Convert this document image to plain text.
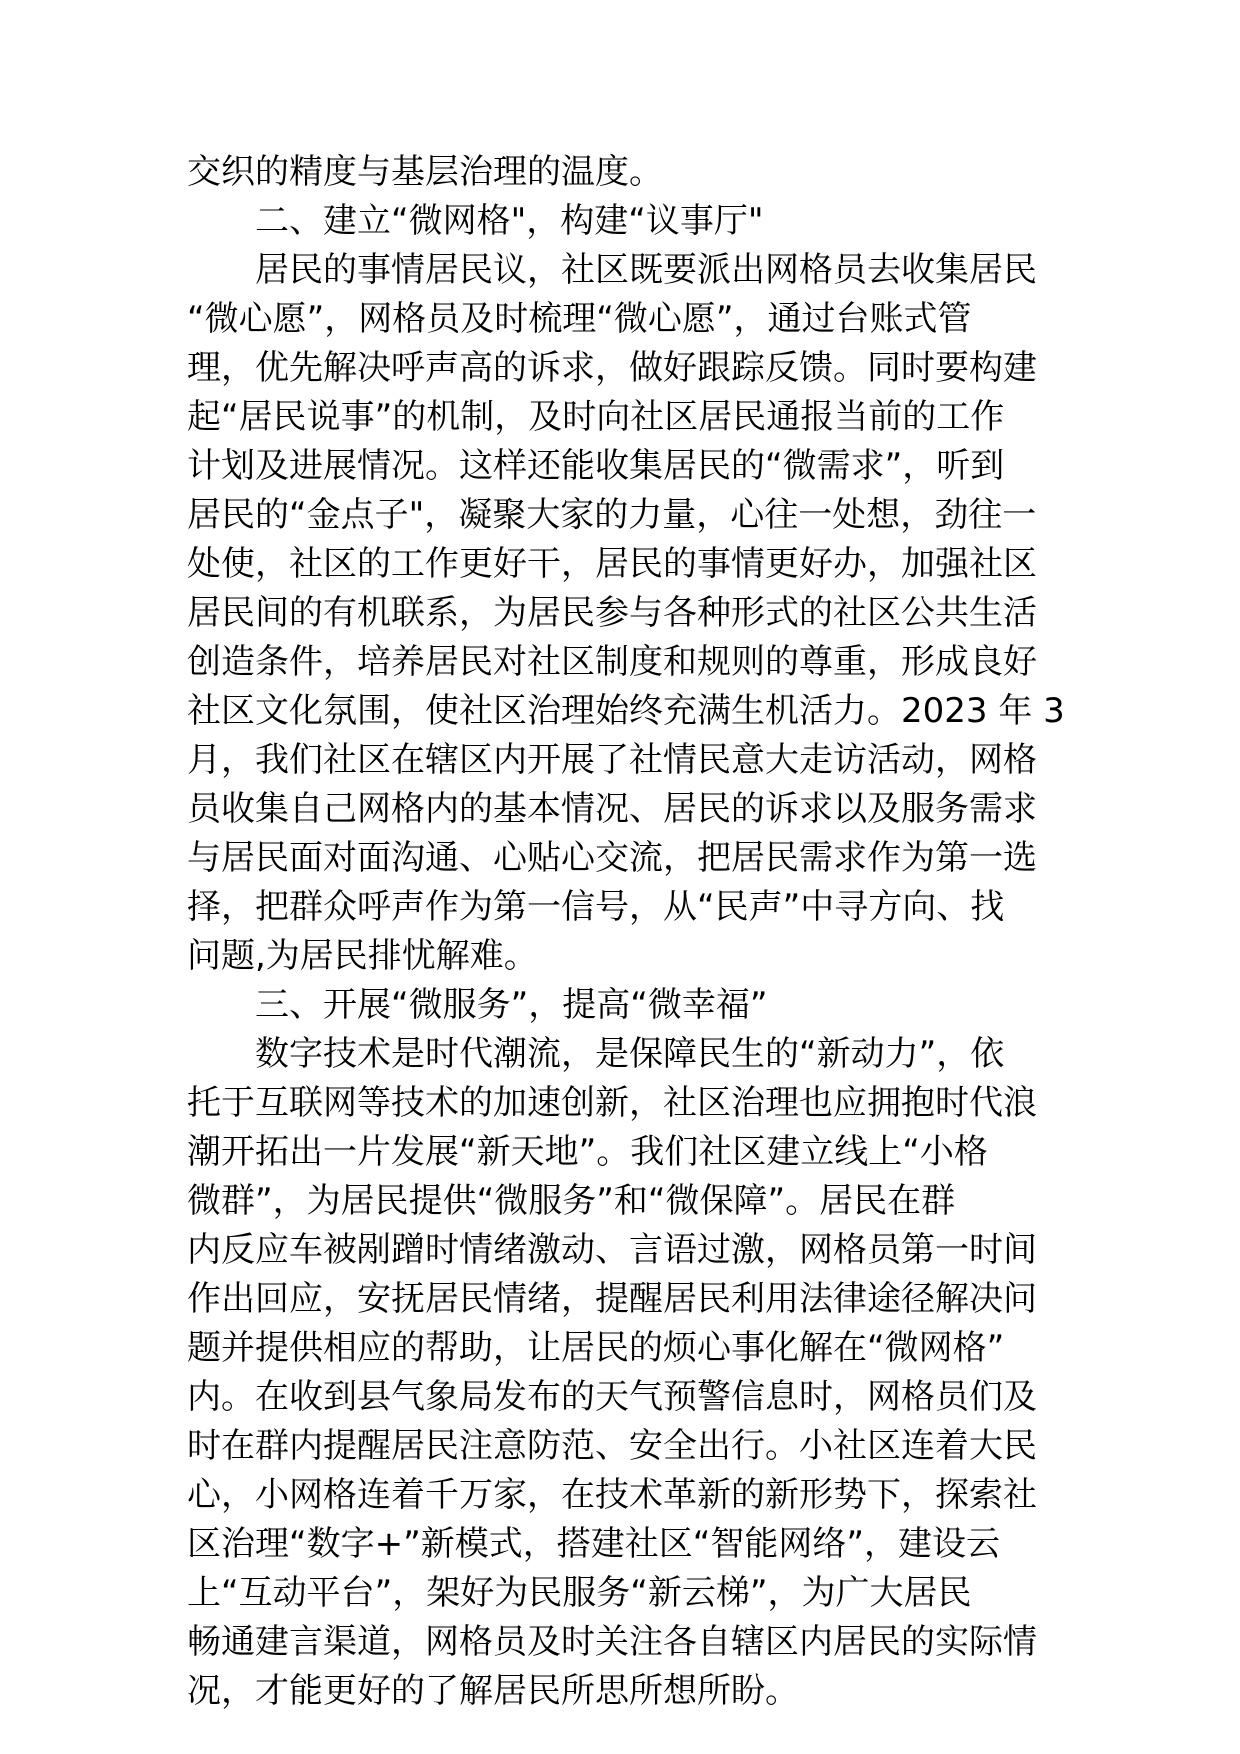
交织的精度与基层治理的温度。
二、建立“微网格"，构建“议事厅"
居民的事情居民议，社区既要派出网格员去收集居民
“微心愿”，网格员及时梳理“微心愿”，通过台账式管
理，优先解决呼声高的诉求，做好跟踪反馈。同时要构建
起“居民说事”的机制，及时向社区居民通报当前的工作
计划及进展情况。这样还能收集居民的“微需求”，听到
居民的“金点子"，凝聚大家的力量，心往一处想，劲往一
处使，社区的工作更好干，居民的事情更好办，加强社区
居民间的有机联系，为居民参与各种形式的社区公共生活
创造条件，培养居民对社区制度和规则的尊重，形成良好
社区文化氛围，使社区治理始终充满生机活力。2023 年 3
月，我们社区在辖区内开展了社情民意大走访活动，网格
员收集自己网格内的基本情况、居民的诉求以及服务需求
与居民面对面沟通、心贴心交流，把居民需求作为第一选
择，把群众呼声作为第一信号，从“民声”中寻方向、找
问题,为居民排忧解难。
三、开展“微服务”，提高“微幸福”
数字技术是时代潮流，是保障民生的“新动力”，依
托于互联网等技术的加速创新，社区治理也应拥抱时代浪
潮开拓出一片发展“新天地”。我们社区建立线上“小格
微群”，为居民提供“微服务”和“微保障”。居民在群
内反应车被剐蹭时情绪激动、言语过激，网格员第一时间
作出回应，安抚居民情绪，提醒居民利用法律途径解决问
题并提供相应的帮助，让居民的烦心事化解在“微网格”
内。在收到县气象局发布的天气预警信息时，网格员们及
时在群内提醒居民注意防范、安全出行。小社区连着大民
心，小网格连着千万家，在技术革新的新形势下，探索社
区治理“数字+”新模式，搭建社区“智能网络”，建设云
上“互动平台”，架好为民服务“新云梯”，为广大居民
畅通建言渠道，网格员及时关注各自辖区内居民的实际情
况，才能更好的了解居民所思所想所盼。
